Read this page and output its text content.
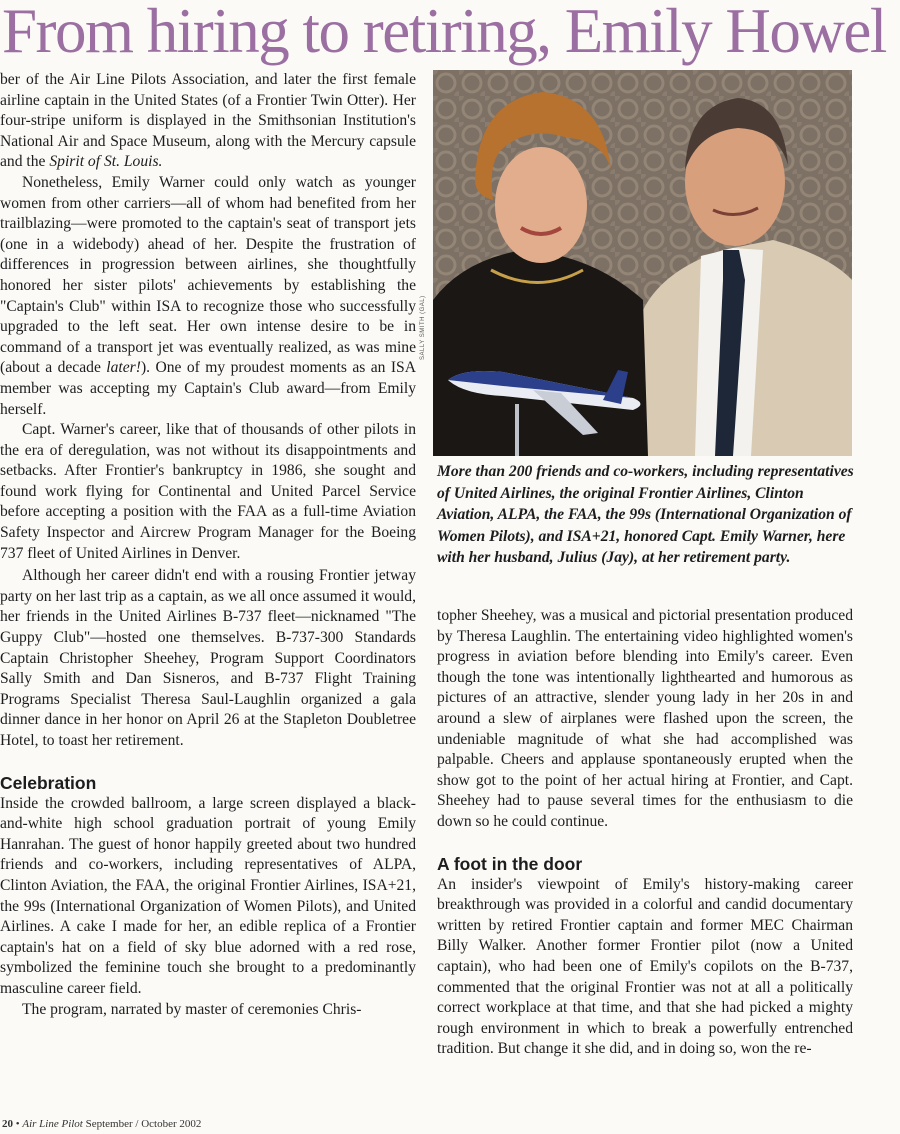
From hiring to retiring, Emily Howel

ber of the Air Line Pilots Association, and later the first female airline captain in the United States (of a Frontier Twin Otter). Her four-stripe uniform is displayed in the Smithsonian Institution's National Air and Space Museum, along with the Mercury capsule and the Spirit of St. Louis.

Nonetheless, Emily Warner could only watch as younger women from other carriers—all of whom had benefited from her trailblazing—were promoted to the captain's seat of transport jets (one in a widebody) ahead of her. Despite the frustration of differences in progression between airlines, she thoughtfully honored her sister pilots' achievements by establishing the "Captain's Club" within ISA to recognize those who successfully upgraded to the left seat. Her own intense desire to be in command of a transport jet was eventually realized, as was mine (about a decade later!). One of my proudest moments as an ISA member was accepting my Captain's Club award—from Emily herself.

Capt. Warner's career, like that of thousands of other pilots in the era of deregulation, was not without its disappointments and setbacks. After Frontier's bankruptcy in 1986, she sought and found work flying for Continental and United Parcel Service before accepting a position with the FAA as a full-time Aviation Safety Inspector and Aircrew Program Manager for the Boeing 737 fleet of United Airlines in Denver.

Although her career didn't end with a rousing Frontier jetway party on her last trip as a captain, as we all once assumed it would, her friends in the United Airlines B-737 fleet—nicknamed "The Guppy Club"—hosted one themselves. B-737-300 Standards Captain Christopher Sheehey, Program Support Coordinators Sally Smith and Dan Sisneros, and B-737 Flight Training Programs Specialist Theresa Saul-Laughlin organized a gala dinner dance in her honor on April 26 at the Stapleton Doubletree Hotel, to toast her retirement.

Celebration

Inside the crowded ballroom, a large screen displayed a black-and-white high school graduation portrait of young Emily Hanrahan. The guest of honor happily greeted about two hundred friends and co-workers, including representatives of ALPA, Clinton Aviation, the FAA, the original Frontier Airlines, ISA+21, the 99s (International Organization of Women Pilots), and United Airlines. A cake I made for her, an edible replica of a Frontier captain's hat on a field of sky blue adorned with a red rose, symbolized the feminine touch she brought to a predominantly masculine career field.

The program, narrated by master of ceremonies Chris-

SALLY SMITH (GAL)
More than 200 friends and co-workers, including representatives of United Airlines, the original Frontier Airlines, Clinton Aviation, ALPA, the FAA, the 99s (International Organization of Women Pilots), and ISA+21, honored Capt. Emily Warner, here with her husband, Julius (Jay), at her retirement party.

topher Sheehey, was a musical and pictorial presentation produced by Theresa Laughlin. The entertaining video highlighted women's progress in aviation before blending into Emily's career. Even though the tone was intentionally lighthearted and humorous as pictures of an attractive, slender young lady in her 20s in and around a slew of airplanes were flashed upon the screen, the undeniable magnitude of what she had accomplished was palpable. Cheers and applause spontaneously erupted when the show got to the point of her actual hiring at Frontier, and Capt. Sheehey had to pause several times for the enthusiasm to die down so he could continue.

A foot in the door

An insider's viewpoint of Emily's history-making career breakthrough was provided in a colorful and candid documentary written by retired Frontier captain and former MEC Chairman Billy Walker. Another former Frontier pilot (now a United captain), who had been one of Emily's copilots on the B-737, commented that the original Frontier was not at all a politically correct workplace at that time, and that she had picked a mighty rough environment in which to break a powerfully entrenched tradition. But change it she did, and in doing so, won the re-

20 • Air Line Pilot September / October 2002
